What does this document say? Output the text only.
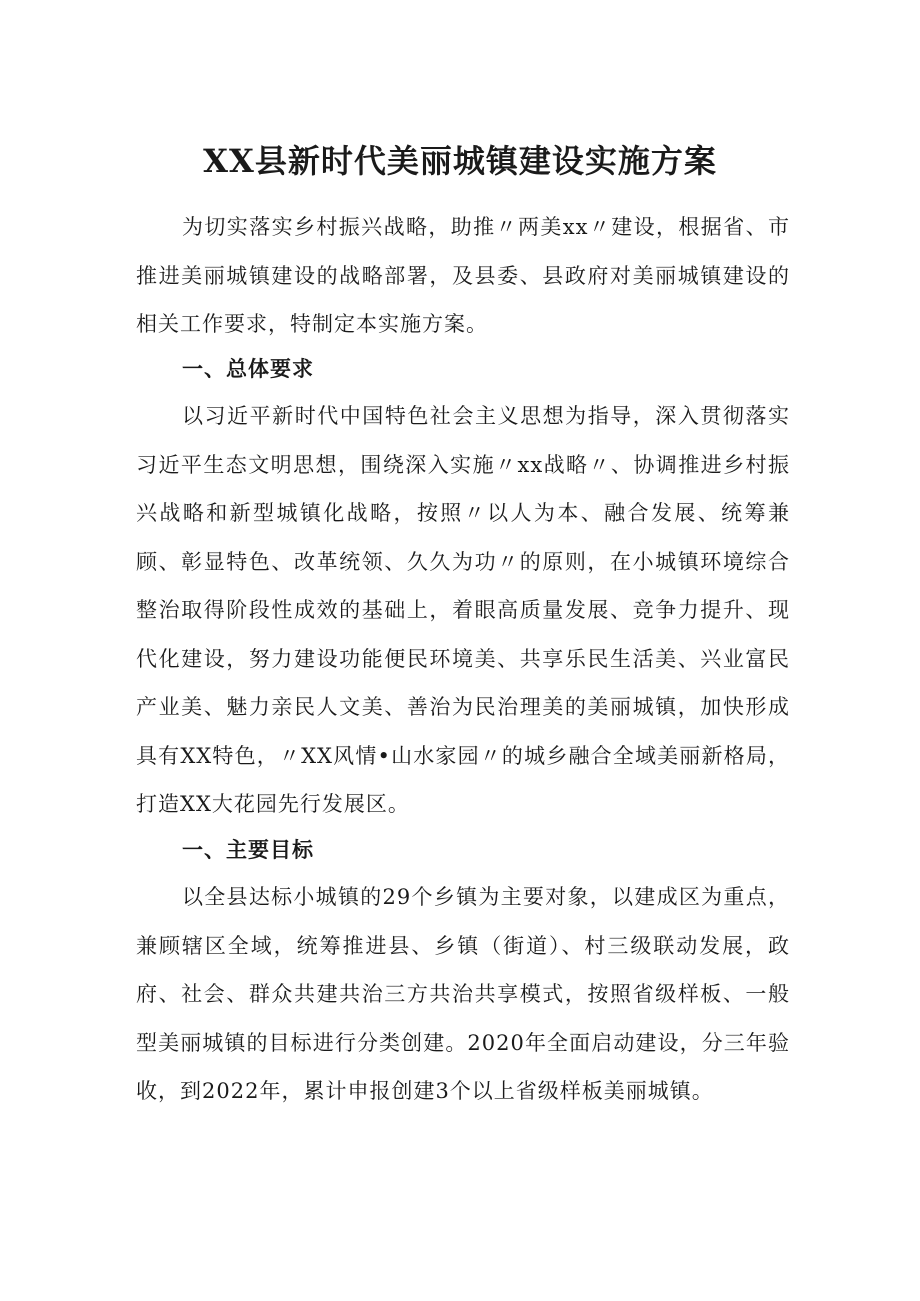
XX县新时代美丽城镇建设实施方案

为切实落实乡村振兴战略，助推〃两美xx〃建设，根据省、市推进美丽城镇建设的战略部署，及县委、县政府对美丽城镇建设的相关工作要求，特制定本实施方案。

一、总体要求

以习近平新时代中国特色社会主义思想为指导，深入贯彻落实习近平生态文明思想，围绕深入实施〃xx战略〃、协调推进乡村振兴战略和新型城镇化战略，按照〃以人为本、融合发展、统筹兼顾、彰显特色、改革统领、久久为功〃的原则，在小城镇环境综合整治取得阶段性成效的基础上，着眼高质量发展、竞争力提升、现代化建设，努力建设功能便民环境美、共享乐民生活美、兴业富民产业美、魅力亲民人文美、善治为民治理美的美丽城镇，加快形成具有XX特色，〃XX风情•山水家园〃的城乡融合全域美丽新格局，打造XX大花园先行发展区。

一、主要目标

以全县达标小城镇的29个乡镇为主要对象，以建成区为重点，兼顾辖区全域，统筹推进县、乡镇（街道）、村三级联动发展，政府、社会、群众共建共治三方共治共享模式，按照省级样板、一般型美丽城镇的目标进行分类创建。2020年全面启动建设，分三年验收，到2022年，累计申报创建3个以上省级样板美丽城镇。
